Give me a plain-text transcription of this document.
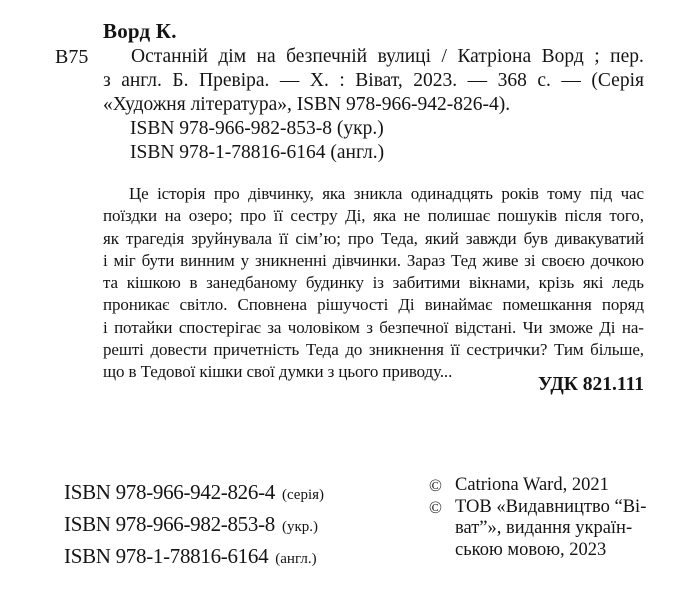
Ворд К.
В75 Останній дім на безпечній вулиці / Катріона Ворд ; пер.
з англ. Б. Превіра. — Х. : Віват, 2023. — 368 с. — (Серія
«Художня література», ISBN 978-966-942-826-4).
ISBN 978-966-982-853-8 (укр.)
ISBN 978-1-78816-6164 (англ.)
Це історія про дівчинку, яка зникла одинадцять років тому під час
поїздки на озеро; про її сестру Ді, яка не полишає пошуків після того,
як трагедія зруйнувала її сім’ю; про Теда, який завжди був дивакуватий
і міг бути винним у зникненні дівчинки. Зараз Тед живе зі своєю дочкою
та кішкою в занедбаному будинку із забитими вікнами, крізь які ледь
проникає світло. Сповнена рішучості Ді винаймає помешкання поряд
і потайки спостерігає за чоловіком з безпечної відстані. Чи зможе Ді на-
решті довести причетність Теда до зникнення її сестрички? Тим більше,
що в Тедової кішки свої думки з цього приводу...
УДК 821.111
ISBN 978-966-942-826-4 (серія)
ISBN 978-966-982-853-8 (укр.)
ISBN 978-1-78816-6164 (англ.)
© Catriona Ward, 2021
© ТОВ «Видавництво “Ві-
ват”», видання україн-
ською мовою, 2023
